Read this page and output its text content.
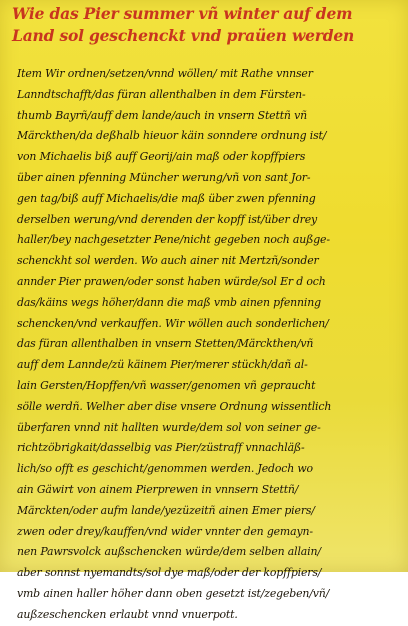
Wie das Pier summer vñ winter auf dem
Land sol geschenckt vnd praüen werden
Item Wir ordnen/setzen/vnnd wöllen/ mit Rathe vnnser
Lanndtschafft/das füran allenthalben in dem Fürsten-
thumb Bayrñ/auff dem lande/auch in vnsern Stettñ vñ
Märckthen/da deßhalb hieuor käin sonndere ordnung ist/
von Michaelis biß auff Georij/ain maß oder kopffpiers
über ainen pfenning Müncher werung/vñ von sant Jor-
gen tag/biß auff Michaelis/die maß über zwen pfenning
derselben werung/vnd derenden der kopff ist/über drey
haller/bey nachgesetzter Pene/nicht gegeben noch außge-
schenckht sol werden. Wo auch ainer nit Mertzñ/sonder
annder Pier prawen/oder sonst haben würde/sol Er d och
das/käins wegs höher/dann die maß vmb ainen pfenning
schencken/vnd verkauffen. Wir wöllen auch sonderlichen/
das füran allenthalben in vnsern Stetten/Märckthen/vñ
auff dem Lannde/zü käinem Pier/merer stückh/dañ al-
lain Gersten/Hopffen/vñ wasser/genomen vñ gepraucht
sölle werdñ. Welher aber dise vnsere Ordnung wissentlich
überfaren vnnd nit hallten wurde/dem sol von seiner ge-
richtzöbrigkait/dasselbig vas Pier/züstraff vnnachläß-
lich/so offt es geschicht/genommen werden. Jedoch wo
ain Gäwirt von ainem Pierprewen in vnnsern Stettñ/
Märckten/oder aufm lande/yezüzeitñ ainen Emer piers/
zwen oder drey/kauffen/vnd wider vnnter den gemayn-
nen Pawrsvolck außschencken würde/dem selben allain/
aber sonnst nyemandts/sol dye maß/oder der kopffpiers/
vmb ainen haller höher dann oben gesetzt ist/zegeben/vñ/
außzeschencken erlaubt vnnd vnuerpott.
